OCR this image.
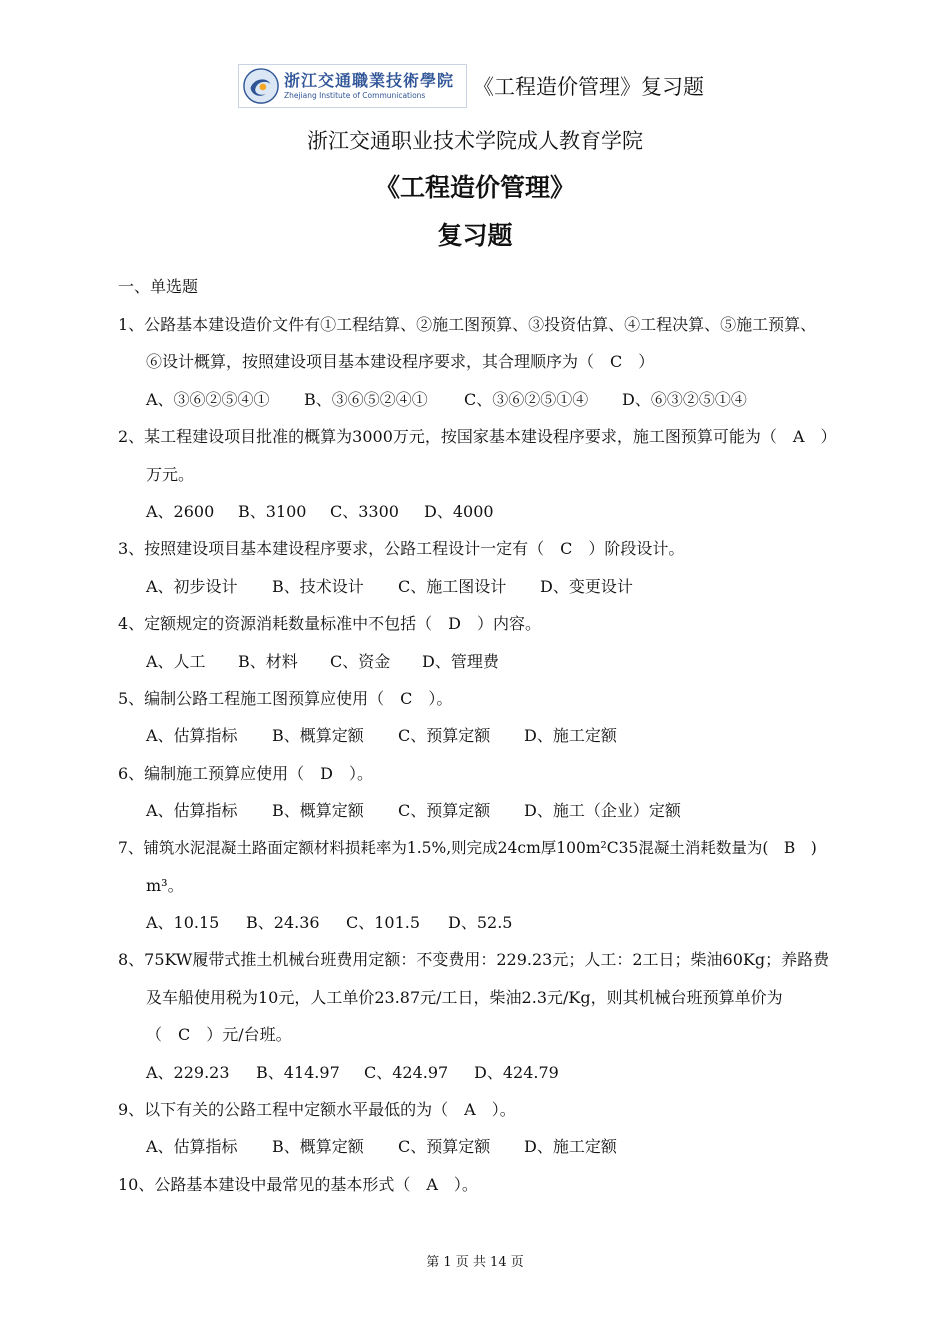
浙江交通職業技術學院
Zhejiang Institute of Communications	《工程造价管理》复习题
浙江交通职业技术学院成人教育学院
《工程造价管理》
复习题
一、单选题
1、公路基本建设造价文件有①工程结算、②施工图预算、③投资估算、④工程决算、⑤施工预算、
⑥设计概算，按照建设项目基本建设程序要求，其合理顺序为（　C　）
A、③⑥②⑤④①	B、③⑥⑤②④①	C、③⑥②⑤①④	D、⑥③②⑤①④
2、某工程建设项目批准的概算为3000万元，按国家基本建设程序要求，施工图预算可能为（　A　）
万元。
A、2600	B、3100	C、3300	D、4000
3、按照建设项目基本建设程序要求，公路工程设计一定有（　C　）阶段设计。
A、初步设计	B、技术设计	C、施工图设计	D、变更设计
4、定额规定的资源消耗数量标准中不包括（　D　）内容。
A、人工	B、材料	C、资金	D、管理费
5、编制公路工程施工图预算应使用（　C　）。
A、估算指标	B、概算定额	C、预算定额	D、施工定额
6、编制施工预算应使用（　D　）。
A、估算指标	B、概算定额	C、预算定额	D、施工（企业）定额
7、铺筑水泥混凝土路面定额材料损耗率为1.5%,则完成24cm厚100m²C35混凝土消耗数量为(　B　)
m³。
A、10.15	B、24.36	C、101.5	D、52.5
8、75KW履带式推土机械台班费用定额：不变费用：229.23元；人工：2工日；柴油60Kg；养路费
及车船使用税为10元，人工单价23.87元/工日，柴油2.3元/Kg，则其机械台班预算单价为
（　C　）元/台班。
A、229.23	B、414.97	C、424.97	D、424.79
9、以下有关的公路工程中定额水平最低的为（　A　）。
A、估算指标	B、概算定额	C、预算定额	D、施工定额
10、公路基本建设中最常见的基本形式（　A　）。
第 1 页 共 14 页
